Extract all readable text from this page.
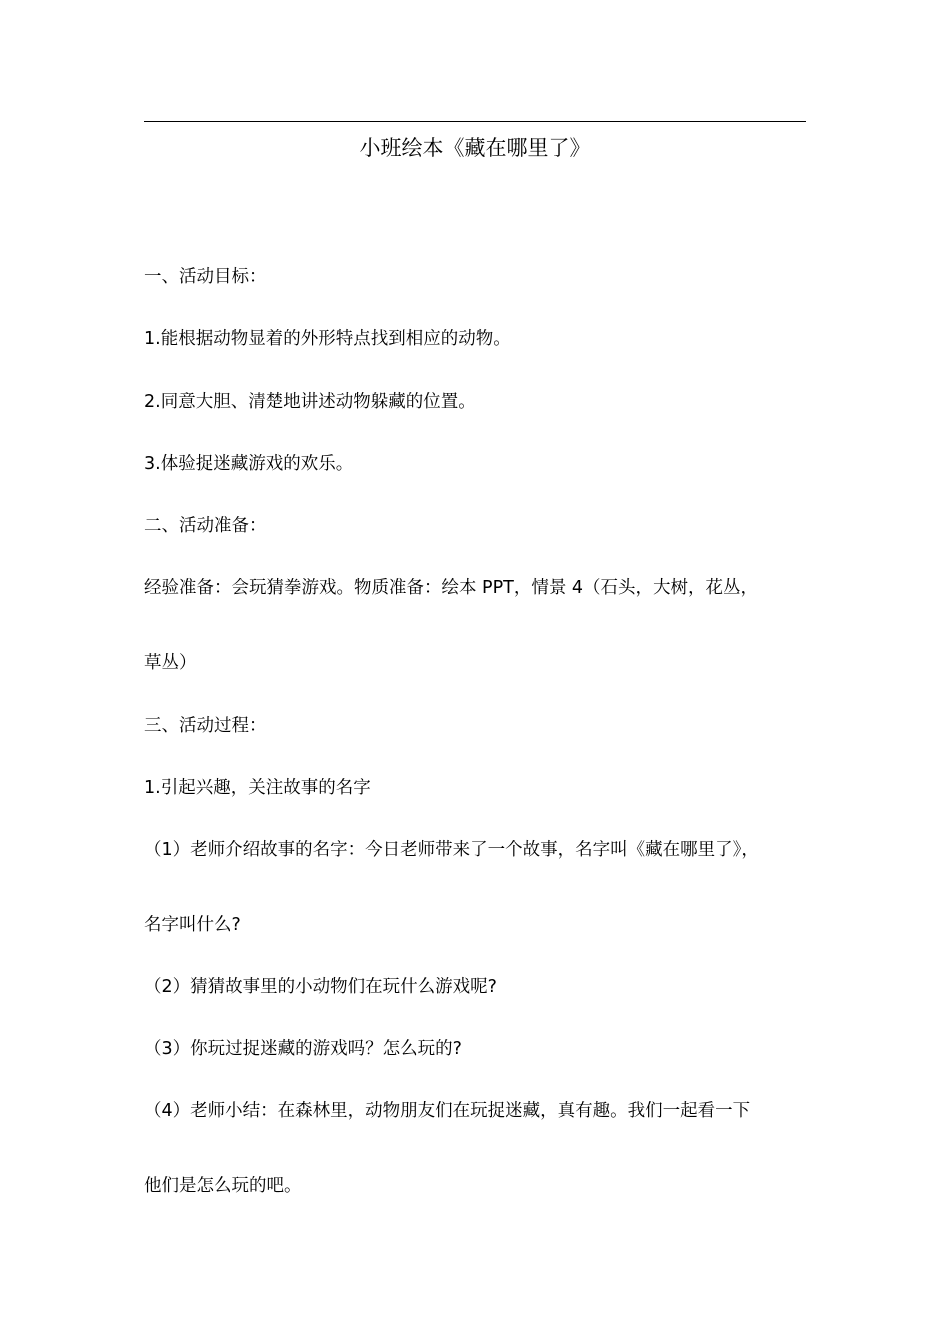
小班绘本《藏在哪里了》
一、活动目标：
1.能根据动物显着的外形特点找到相应的动物。
2.同意大胆、清楚地讲述动物躲藏的位置。
3.体验捉迷藏游戏的欢乐。
二、活动准备：
经验准备：会玩猜拳游戏。物质准备：绘本 PPT，情景 4（石头，大树，花丛，
草丛）
三、活动过程：
1.引起兴趣，关注故事的名字
（1）老师介绍故事的名字：今日老师带来了一个故事，名字叫《藏在哪里了》，
名字叫什么?
（2）猜猜故事里的小动物们在玩什么游戏呢?
（3）你玩过捉迷藏的游戏吗？怎么玩的?
（4）老师小结：在森林里，动物朋友们在玩捉迷藏，真有趣。我们一起看一下
他们是怎么玩的吧。
